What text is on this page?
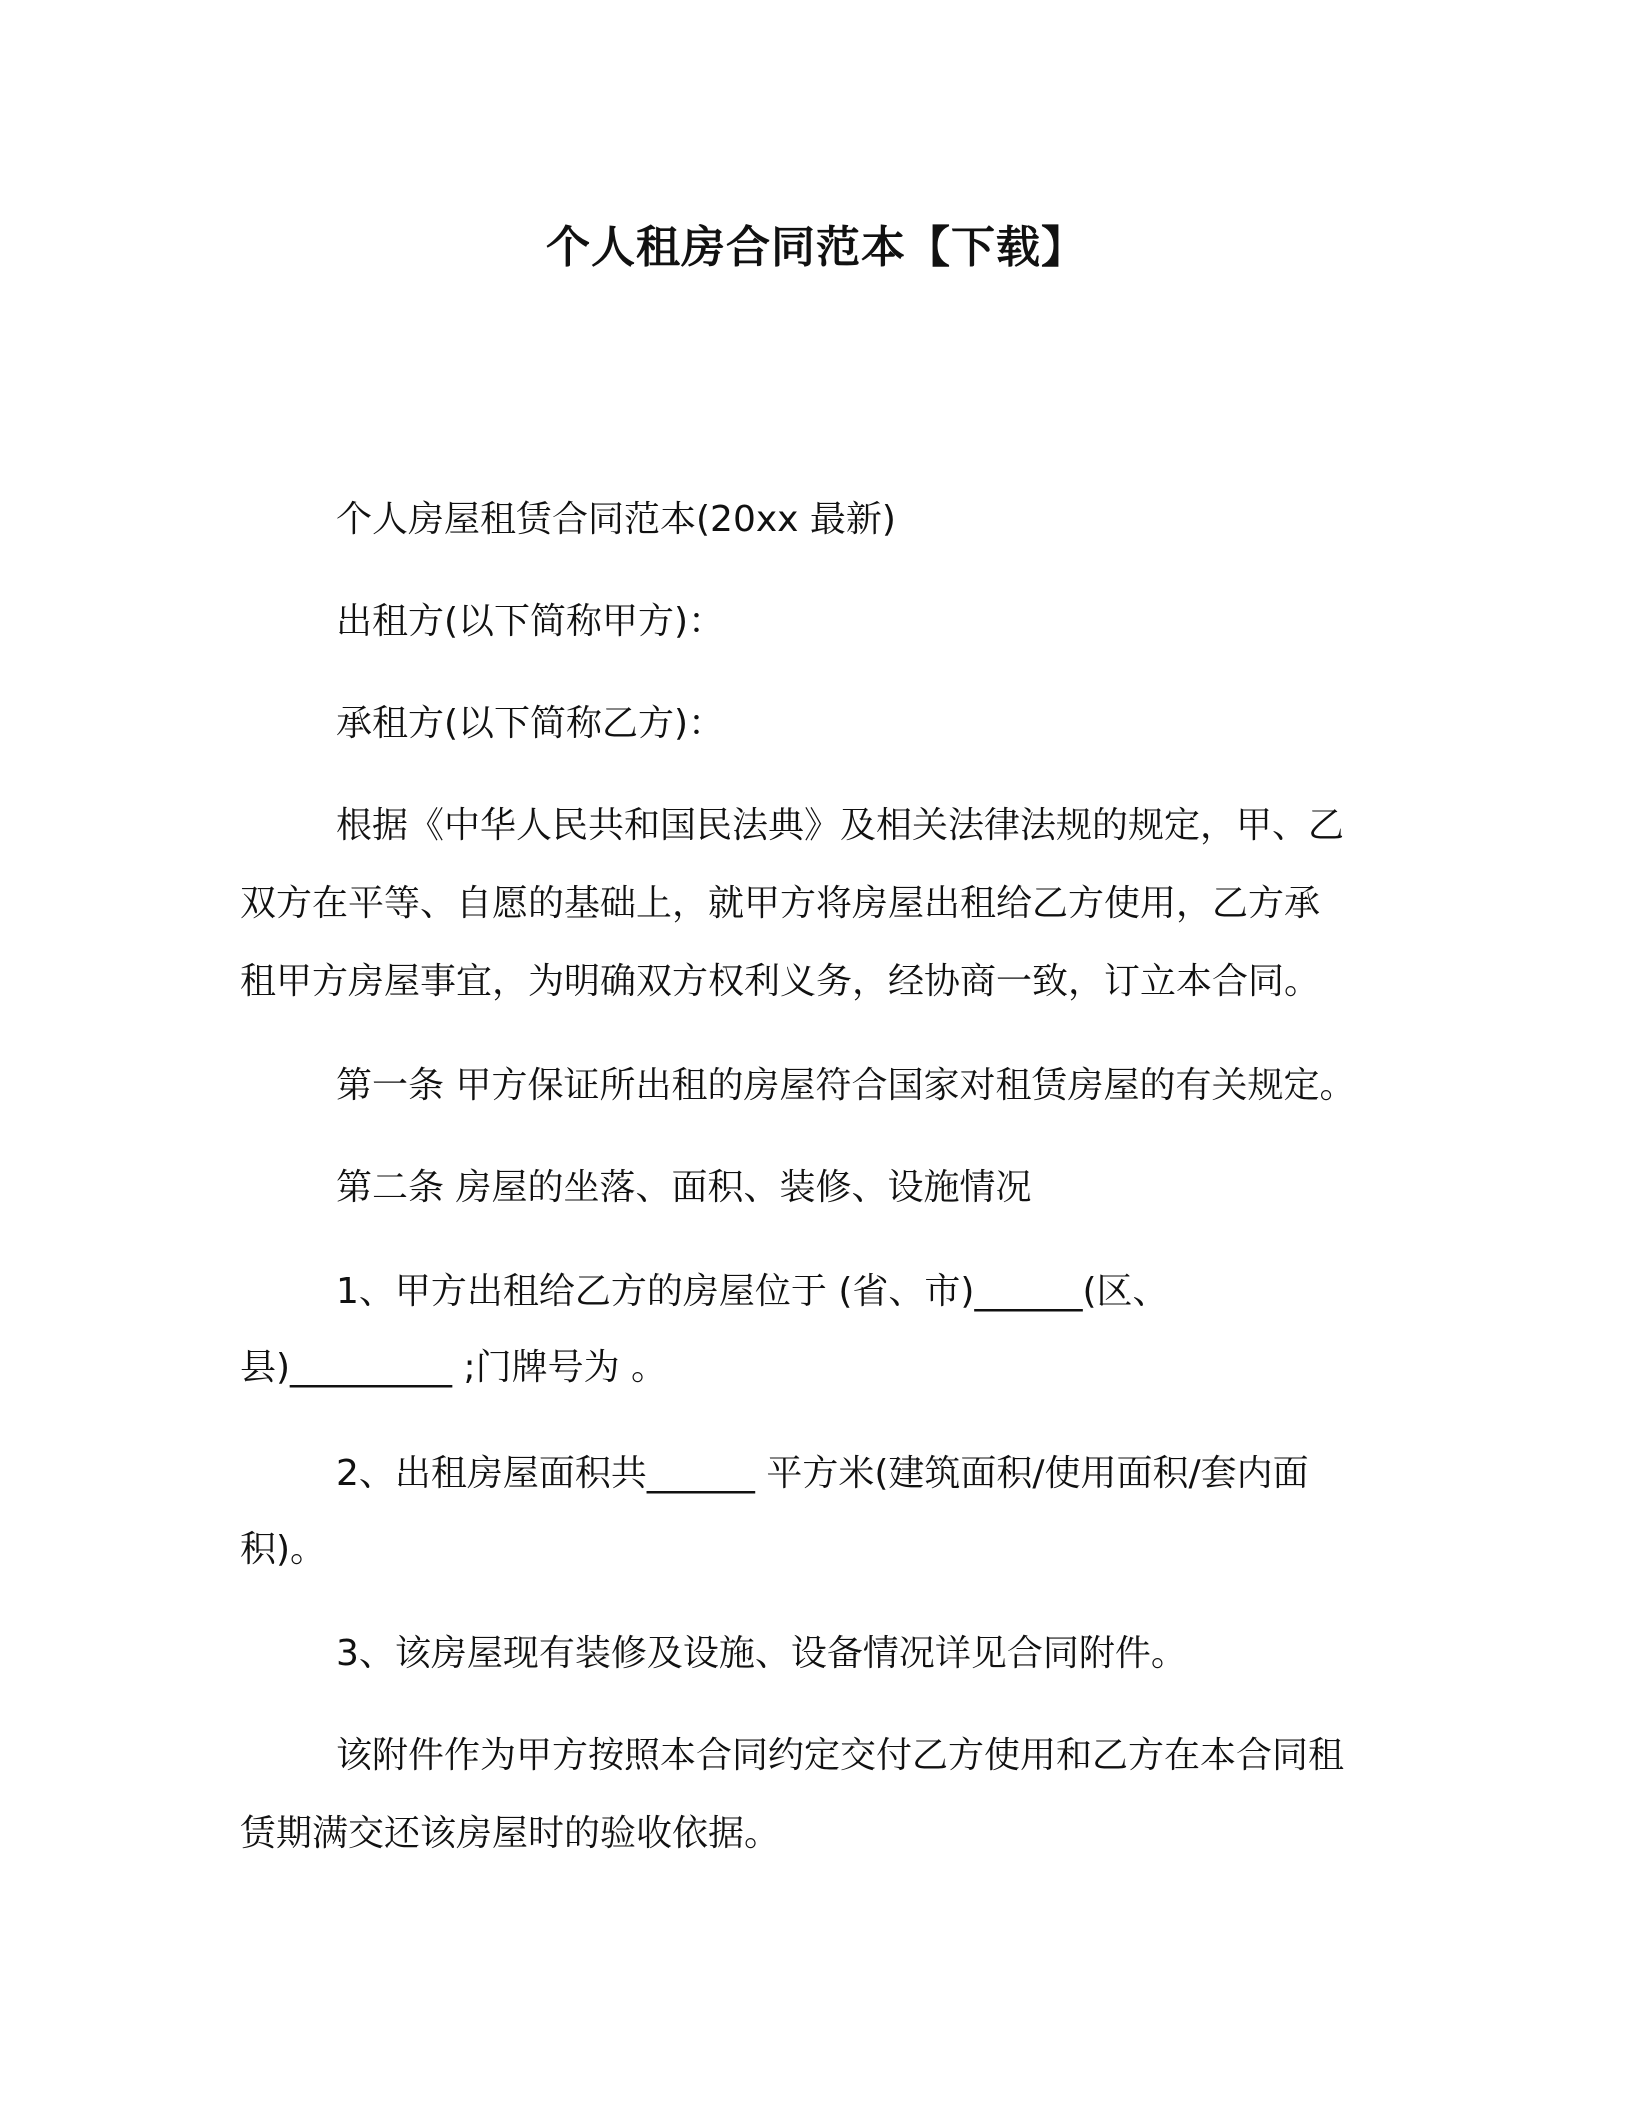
个人租房合同范本【下载】
个人房屋租赁合同范本(20xx 最新)
出租方(以下简称甲方)：
承租方(以下简称乙方)：
根据《中华人民共和国民法典》及相关法律法规的规定，甲、乙
双方在平等、自愿的基础上，就甲方将房屋出租给乙方使用，乙方承
租甲方房屋事宜，为明确双方权利义务，经协商一致，订立本合同。
第一条 甲方保证所出租的房屋符合国家对租赁房屋的有关规定。
第二条 房屋的坐落、面积、装修、设施情况
1、甲方出租给乙方的房屋位于 (省、市)______(区、
县)_________ ;门牌号为 。
2、出租房屋面积共______ 平方米(建筑面积/使用面积/套内面
积)。
3、该房屋现有装修及设施、设备情况详见合同附件。
该附件作为甲方按照本合同约定交付乙方使用和乙方在本合同租
赁期满交还该房屋时的验收依据。
